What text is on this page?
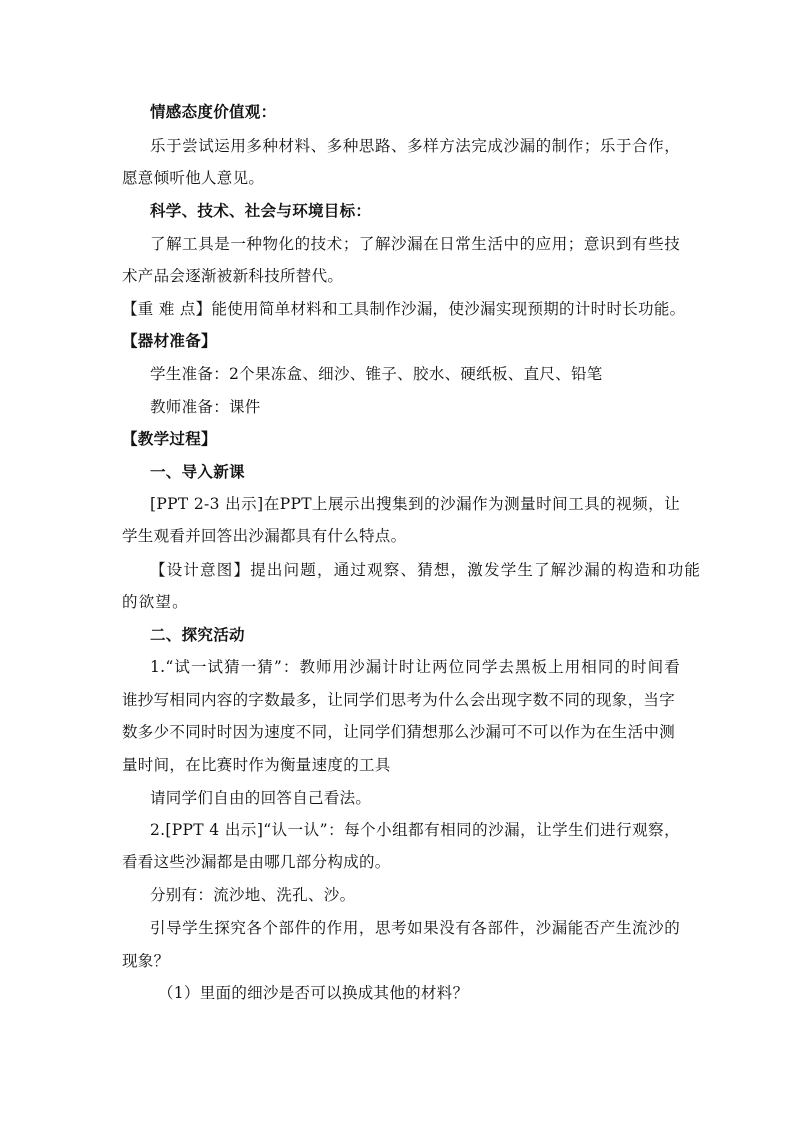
情感态度价值观：
乐于尝试运用多种材料、多种思路、多样方法完成沙漏的制作；乐于合作，
愿意倾听他人意见。
科学、技术、社会与环境目标：
了解工具是一种物化的技术；了解沙漏在日常生活中的应用；意识到有些技
术产品会逐渐被新科技所替代。
【重 难 点】能使用简单材料和工具制作沙漏，使沙漏实现预期的计时时长功能。
【器材准备】
学生准备：2个果冻盒、细沙、锥子、胶水、硬纸板、直尺、铅笔
教师准备：课件
【教学过程】
一、导入新课
[PPT 2-3 出示]在PPT上展示出搜集到的沙漏作为测量时间工具的视频，让
学生观看并回答出沙漏都具有什么特点。
【设计意图】提出问题，通过观察、猜想，激发学生了解沙漏的构造和功能
的欲望。
二、探究活动
1.“试一试猜一猜”：教师用沙漏计时让两位同学去黑板上用相同的时间看
谁抄写相同内容的字数最多，让同学们思考为什么会出现字数不同的现象，当字
数多少不同时时因为速度不同，让同学们猜想那么沙漏可不可以作为在生活中测
量时间，在比赛时作为衡量速度的工具
请同学们自由的回答自己看法。
2.[PPT 4 出示]“认一认”：每个小组都有相同的沙漏，让学生们进行观察，
看看这些沙漏都是由哪几部分构成的。
分别有：流沙地、洗孔、沙。
引导学生探究各个部件的作用，思考如果没有各部件，沙漏能否产生流沙的
现象？
（1）里面的细沙是否可以换成其他的材料？
